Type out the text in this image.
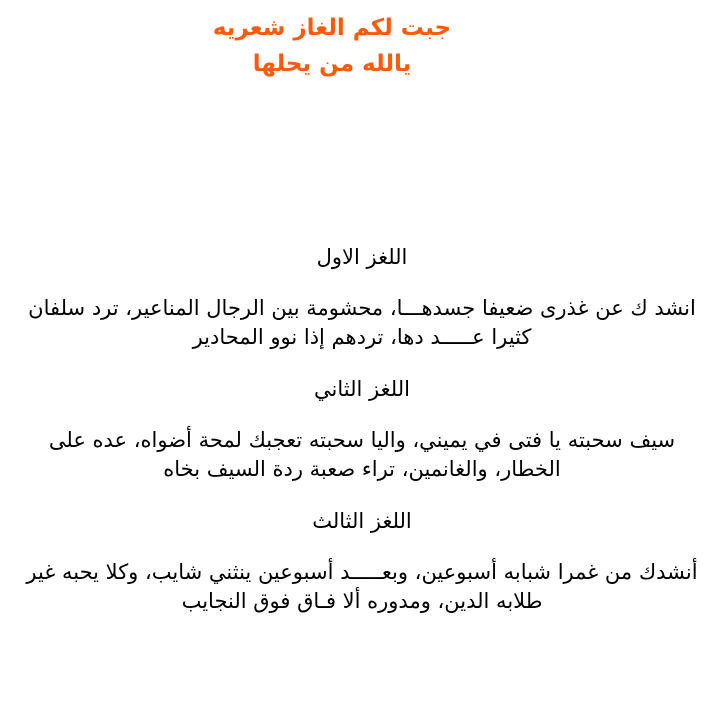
جبت لكم الغاز شعريه
يالله من يحلها

اللغز الاول

انشد ك عن غذرى ضعيفا جسدهـــا، محشومة بين الرجال المناعير، ترد سلفان كثيرا عـــــد دها، تردهم إذا نوو المحادير

اللغز الثاني

سيف سحبته يا فتى في يميني، واليا سحبته تعجبك لمحة أضواه، عده على الخطار، والغانمين، تراء صعبة ردة السيف بخاه

اللغز الثالث

أنشدك من غمرا شبابه أسبوعين، وبعـــــد أسبوعين ينثني شايب، وكلا يحبه غير طلابه الدين، ومدوره ألا فـاق فوق النجايب
